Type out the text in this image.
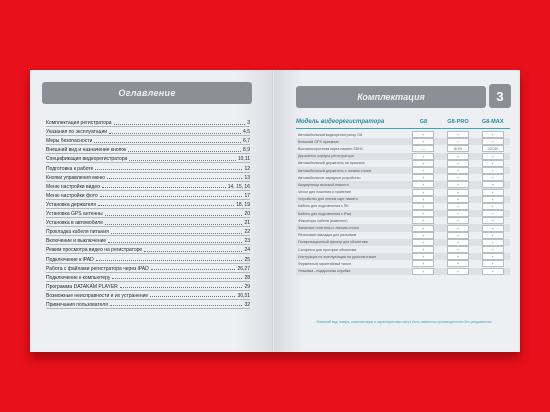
Оглавление
Комплектация регистратора	3
Указания по эксплуатации	4,5
Меры безопасности	6,7
Внешний вид и назначение кнопок	8,9
Спецификация видеорегистратора	10,11
Подготовка к работе	12
Кнопки управления меню	13
Меню настройки видео	14, 15, 16
Меню настройки фото	17
Установка держателя	18, 19
Установка GPS антенны	20
Установка в автомобиле	21
Прокладка кабеля питания	22
Включение и выключение	23
Режим просмотра видео на регистраторе	24
Подключение к iPAD	25
Работа с файлами регистратора через iPAD	26,27
Подключение к компьютеру	28
Программа DATAKAM PLAYER	29
Возможные неисправности и их устранение	30,31
Примечания пользователя	32
Комплектация	3
Модель видеорегистратора	G8	G8-PRO	G8-MAX
Автомобильный видеорегистратор G8	+	+	+
Внешний GPS приемник	+	+	+
Высокоскоростная карта памяти SDHC	—	8GB	32GB
Держатель корпуса регистратора	+	+	+
Автомобильный держатель на присоске	+	+	+
Автомобильный держатель с липким слоем	+	+	+
Автомобильное зарядное устройство	+	+	+
Аккумулятор высокой емкости	+	+	+
Чехол для ношения и хранения	+	+	+
Устройство для чтения карт памяти	+	+	+
Кабель для подключения к ПК	+	+	+
Кабель для подключения к iPad	+	+	+
Фиксаторы кабеля (комплект)	+	+	+
Запасные пластины с липким слоем	+	+	+
Резиновая накладка для разъемов	+	+	+
Поляризационный фильтр для объектива	+	+	+
Салфетка для протирки объектива	+	+	+
Инструкция по эксплуатации на русском языке	+	+	+
Фирменный гарантийный талон	+	+	+
Упаковка - подарочная коробка	+	+	+
Внешний вид товара, комплектация и характеристики могут быть изменены производителем без уведомления
